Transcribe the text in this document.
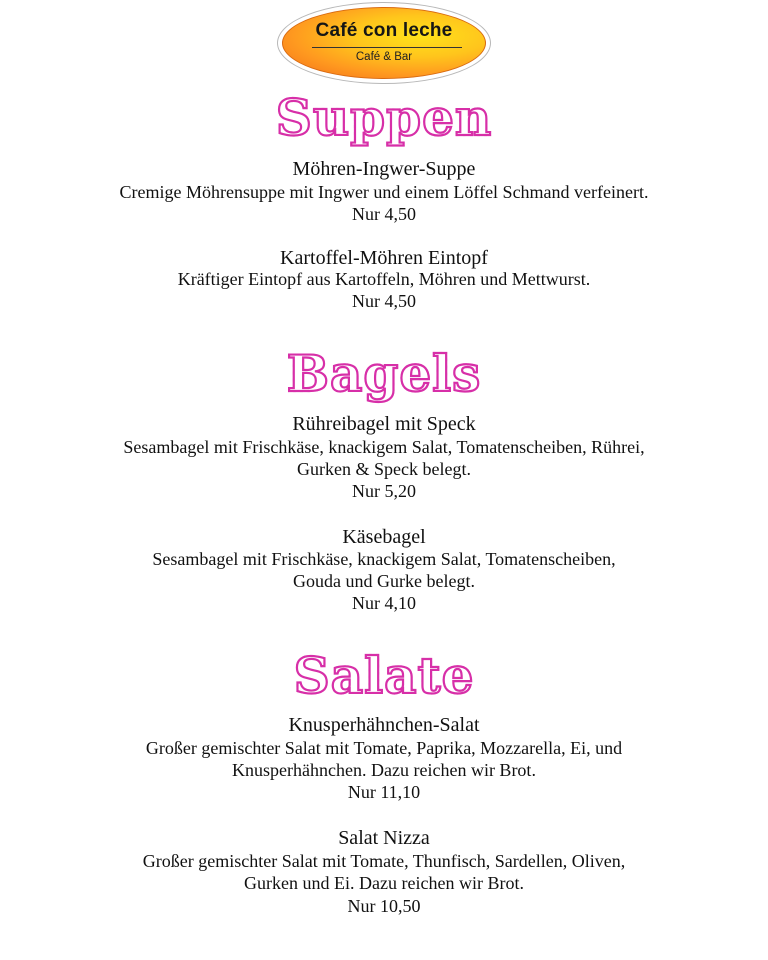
Café con leche
Café & Bar
Suppen
Möhren-Ingwer-Suppe
Cremige Möhrensuppe mit Ingwer und einem Löffel Schmand verfeinert.
Nur 4,50
Kartoffel-Möhren Eintopf
Kräftiger Eintopf aus Kartoffeln, Möhren und Mettwurst.
Nur 4,50
Bagels
Rühreibagel mit Speck
Sesambagel mit Frischkäse, knackigem Salat, Tomatenscheiben, Rührei,
Gurken & Speck belegt.
Nur 5,20
Käsebagel
Sesambagel mit Frischkäse, knackigem Salat, Tomatenscheiben,
Gouda und Gurke belegt.
Nur 4,10
Salate
Knusperhähnchen-Salat
Großer gemischter Salat mit Tomate, Paprika, Mozzarella, Ei, und
Knusperhähnchen. Dazu reichen wir Brot.
Nur 11,10
Salat Nizza
Großer gemischter Salat mit Tomate, Thunfisch, Sardellen, Oliven,
Gurken und Ei. Dazu reichen wir Brot.
Nur 10,50
